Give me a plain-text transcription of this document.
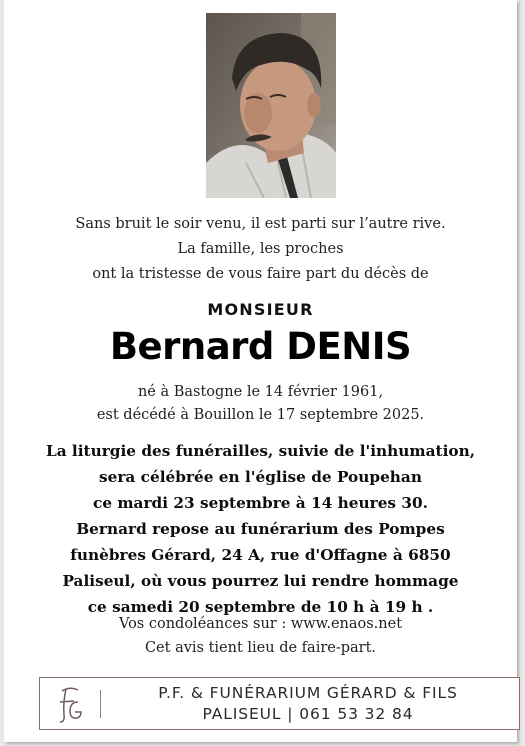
Sans bruit le soir venu, il est parti sur l’autre rive.
La famille, les proches
ont la tristesse de vous faire part du décès de
MONSIEUR
Bernard DENIS
né à Bastogne le 14 février 1961,
est décédé à Bouillon le 17 septembre 2025.
La liturgie des funérailles, suivie de l'inhumation,
sera célébrée en l'église de Poupehan
ce mardi 23 septembre à 14 heures 30.
Bernard repose au funérarium des Pompes
funèbres Gérard, 24 A, rue d'Offagne à 6850
Paliseul, où vous pourrez lui rendre hommage
ce samedi 20 septembre de 10 h à 19 h .
Vos condoléances sur : www.enaos.net
Cet avis tient lieu de faire-part.
P.F. & FUNÉRARIUM GÉRARD & FILS
PALISEUL | 061 53 32 84
